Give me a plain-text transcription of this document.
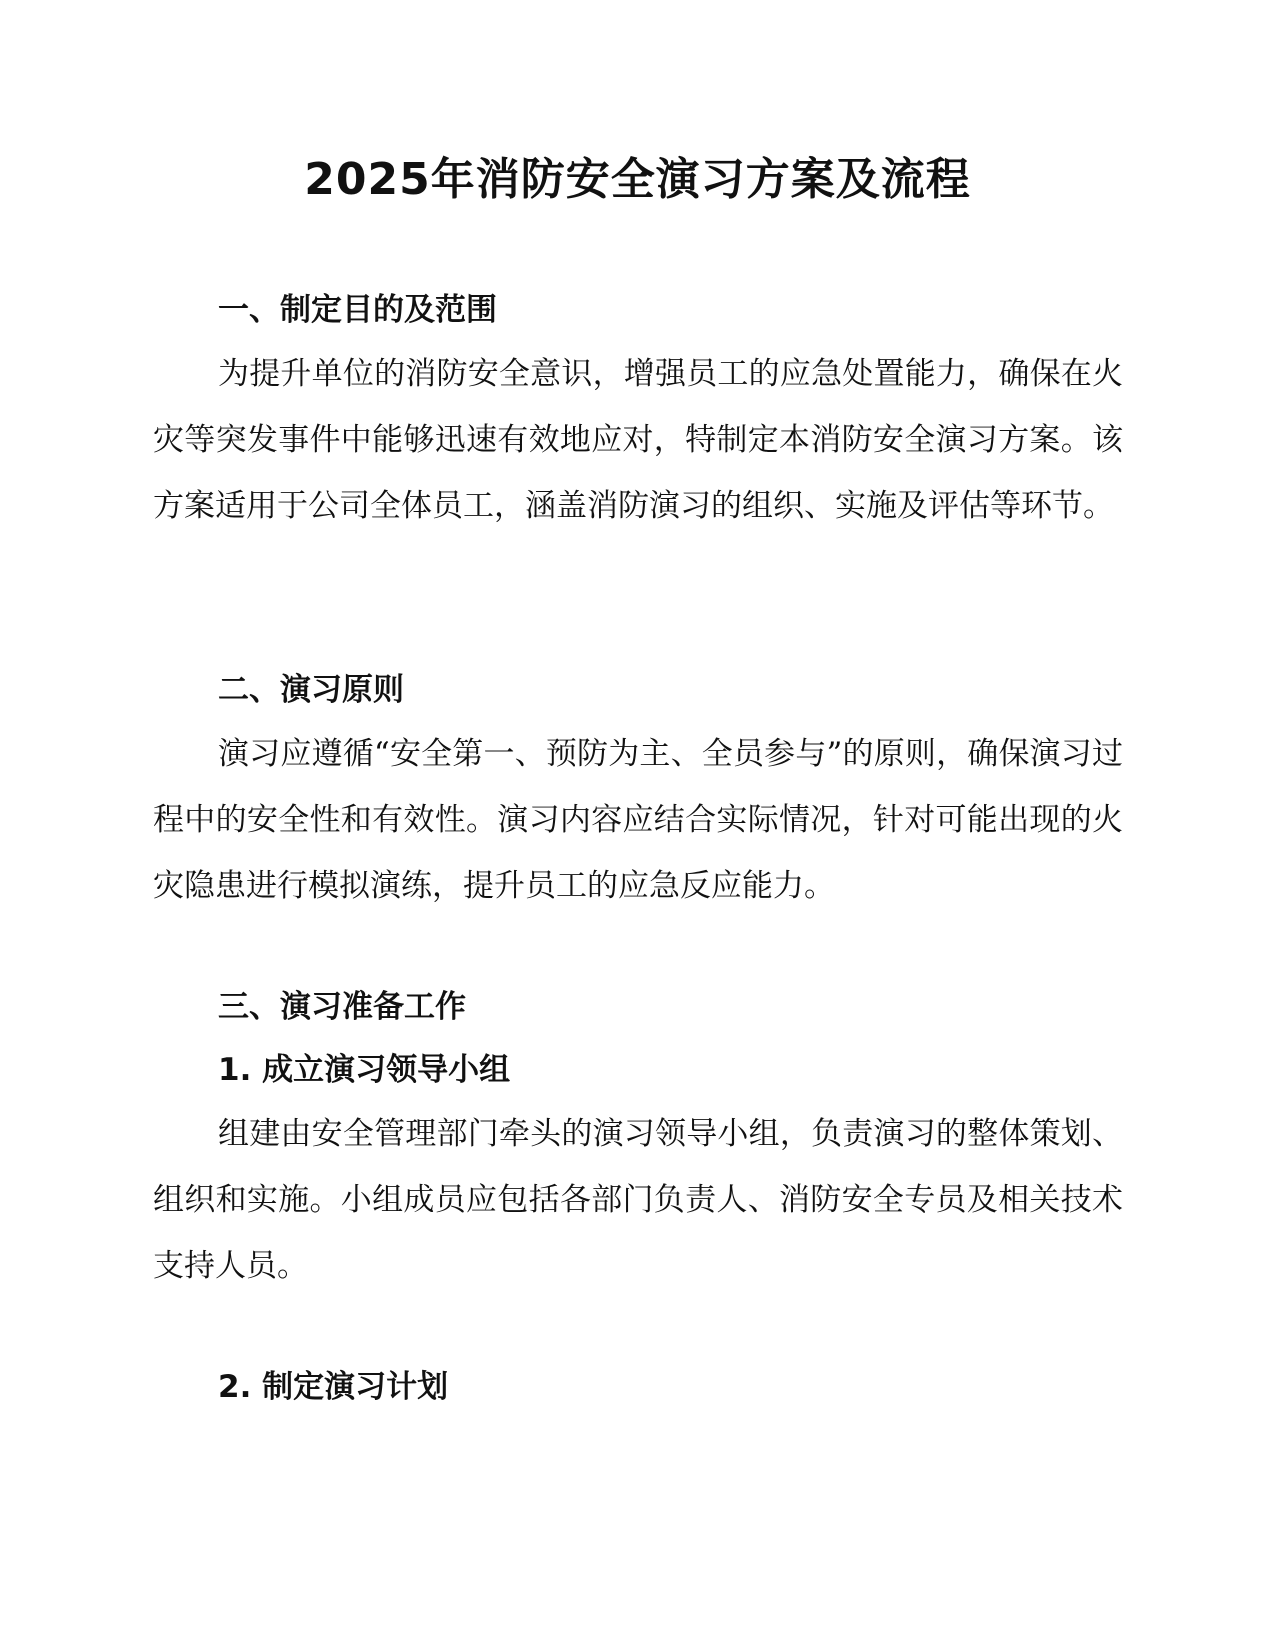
2025年消防安全演习方案及流程
一、制定目的及范围

为提升单位的消防安全意识，增强员工的应急处置能力，确保在火灾等突发事件中能够迅速有效地应对，特制定本消防安全演习方案。该方案适用于公司全体员工，涵盖消防演习的组织、实施及评估等环节。

二、演习原则

演习应遵循“安全第一、预防为主、全员参与”的原则，确保演习过程中的安全性和有效性。演习内容应结合实际情况，针对可能出现的火灾隐患进行模拟演练，提升员工的应急反应能力。

三、演习准备工作
1. 成立演习领导小组

组建由安全管理部门牵头的演习领导小组，负责演习的整体策划、组织和实施。小组成员应包括各部门负责人、消防安全专员及相关技术支持人员。

2. 制定演习计划
